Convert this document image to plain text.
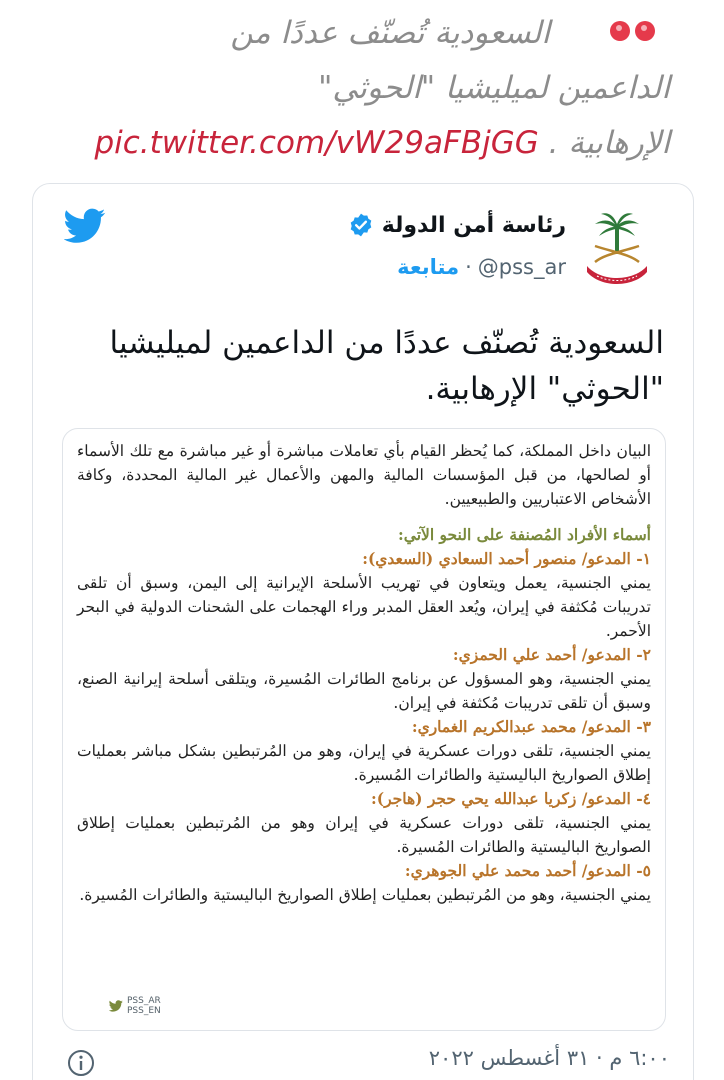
السعودية تُصنّف عددًا من
الداعمين لميليشيا "الحوثي"
الإرهابية . pic.twitter.com/vW29aFBjGG
رئاسة أمن الدولة
@pss_ar
·
متابعة
السعودية تُصنّف عددًا من الداعمين لميليشيا "الحوثي" الإرهابية.

البيان داخل المملكة، كما يُحظر القيام بأي تعاملات مباشرة أو غير مباشرة مع تلك الأسماء أو لصالحها، من قبل المؤسسات المالية والمهن والأعمال غير المالية المحددة، وكافة الأشخاص الاعتباريين والطبيعيين.

أسماء الأفراد المُصنفة على النحو الآتي:

١- المدعو/ منصور أحمد السعادي (السعدي):

يمني الجنسية، يعمل ويتعاون في تهريب الأسلحة الإيرانية إلى اليمن، وسبق أن تلقى تدريبات مُكثفة في إيران، ويُعد العقل المدبر وراء الهجمات على الشحنات الدولية في البحر الأحمر.

٢- المدعو/ أحمد علي الحمزي:

يمني الجنسية، وهو المسؤول عن برنامج الطائرات المُسيرة، ويتلقى أسلحة إيرانية الصنع، وسبق أن تلقى تدريبات مُكثفة في إيران.

٣- المدعو/ محمد عبدالكريم الغماري:

يمني الجنسية، تلقى دورات عسكرية في إيران، وهو من المُرتبطين بشكل مباشر بعمليات إطلاق الصواريخ الباليستية والطائرات المُسيرة.

٤- المدعو/ زكريا عبدالله يحي حجر (هاجر):

يمني الجنسية، تلقى دورات عسكرية في إيران وهو من المُرتبطين بعمليات إطلاق الصواريخ الباليستية والطائرات المُسيرة.

٥- المدعو/ أحمد محمد علي الجوهري:

يمني الجنسية، وهو من المُرتبطين بعمليات إطلاق الصواريخ الباليستية والطائرات المُسيرة.

PSS_AR
PSS_EN
٦:٠٠ م · ٣١ أغسطس ٢٠٢٢
